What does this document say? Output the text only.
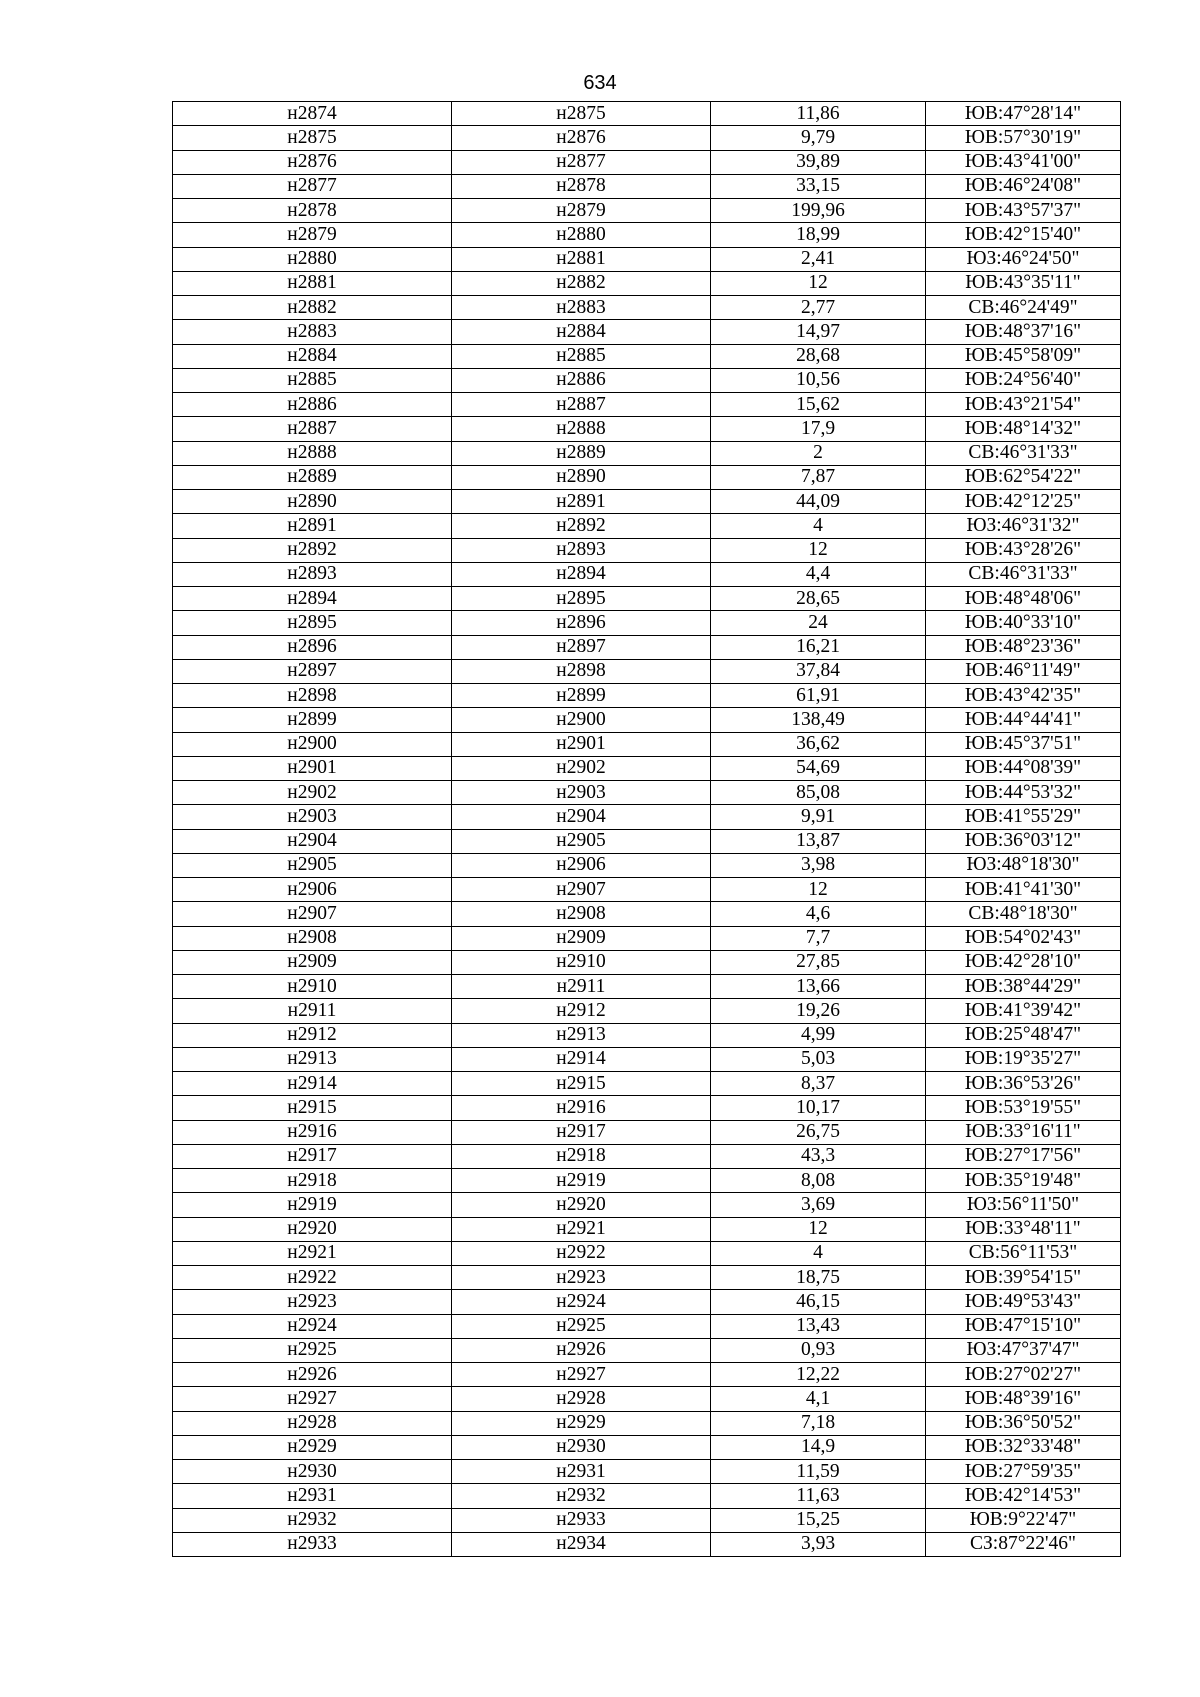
634
н2874	н2875	11,86	ЮВ:47°28'14"
н2875	н2876	9,79	ЮВ:57°30'19"
н2876	н2877	39,89	ЮВ:43°41'00"
н2877	н2878	33,15	ЮВ:46°24'08"
н2878	н2879	199,96	ЮВ:43°57'37"
н2879	н2880	18,99	ЮВ:42°15'40"
н2880	н2881	2,41	ЮЗ:46°24'50"
н2881	н2882	12	ЮВ:43°35'11"
н2882	н2883	2,77	СВ:46°24'49"
н2883	н2884	14,97	ЮВ:48°37'16"
н2884	н2885	28,68	ЮВ:45°58'09"
н2885	н2886	10,56	ЮВ:24°56'40"
н2886	н2887	15,62	ЮВ:43°21'54"
н2887	н2888	17,9	ЮВ:48°14'32"
н2888	н2889	2	СВ:46°31'33"
н2889	н2890	7,87	ЮВ:62°54'22"
н2890	н2891	44,09	ЮВ:42°12'25"
н2891	н2892	4	ЮЗ:46°31'32"
н2892	н2893	12	ЮВ:43°28'26"
н2893	н2894	4,4	СВ:46°31'33"
н2894	н2895	28,65	ЮВ:48°48'06"
н2895	н2896	24	ЮВ:40°33'10"
н2896	н2897	16,21	ЮВ:48°23'36"
н2897	н2898	37,84	ЮВ:46°11'49"
н2898	н2899	61,91	ЮВ:43°42'35"
н2899	н2900	138,49	ЮВ:44°44'41"
н2900	н2901	36,62	ЮВ:45°37'51"
н2901	н2902	54,69	ЮВ:44°08'39"
н2902	н2903	85,08	ЮВ:44°53'32"
н2903	н2904	9,91	ЮВ:41°55'29"
н2904	н2905	13,87	ЮВ:36°03'12"
н2905	н2906	3,98	ЮЗ:48°18'30"
н2906	н2907	12	ЮВ:41°41'30"
н2907	н2908	4,6	СВ:48°18'30"
н2908	н2909	7,7	ЮВ:54°02'43"
н2909	н2910	27,85	ЮВ:42°28'10"
н2910	н2911	13,66	ЮВ:38°44'29"
н2911	н2912	19,26	ЮВ:41°39'42"
н2912	н2913	4,99	ЮВ:25°48'47"
н2913	н2914	5,03	ЮВ:19°35'27"
н2914	н2915	8,37	ЮВ:36°53'26"
н2915	н2916	10,17	ЮВ:53°19'55"
н2916	н2917	26,75	ЮВ:33°16'11"
н2917	н2918	43,3	ЮВ:27°17'56"
н2918	н2919	8,08	ЮВ:35°19'48"
н2919	н2920	3,69	ЮЗ:56°11'50"
н2920	н2921	12	ЮВ:33°48'11"
н2921	н2922	4	СВ:56°11'53"
н2922	н2923	18,75	ЮВ:39°54'15"
н2923	н2924	46,15	ЮВ:49°53'43"
н2924	н2925	13,43	ЮВ:47°15'10"
н2925	н2926	0,93	ЮЗ:47°37'47"
н2926	н2927	12,22	ЮВ:27°02'27"
н2927	н2928	4,1	ЮВ:48°39'16"
н2928	н2929	7,18	ЮВ:36°50'52"
н2929	н2930	14,9	ЮВ:32°33'48"
н2930	н2931	11,59	ЮВ:27°59'35"
н2931	н2932	11,63	ЮВ:42°14'53"
н2932	н2933	15,25	ЮВ:9°22'47"
н2933	н2934	3,93	СЗ:87°22'46"
